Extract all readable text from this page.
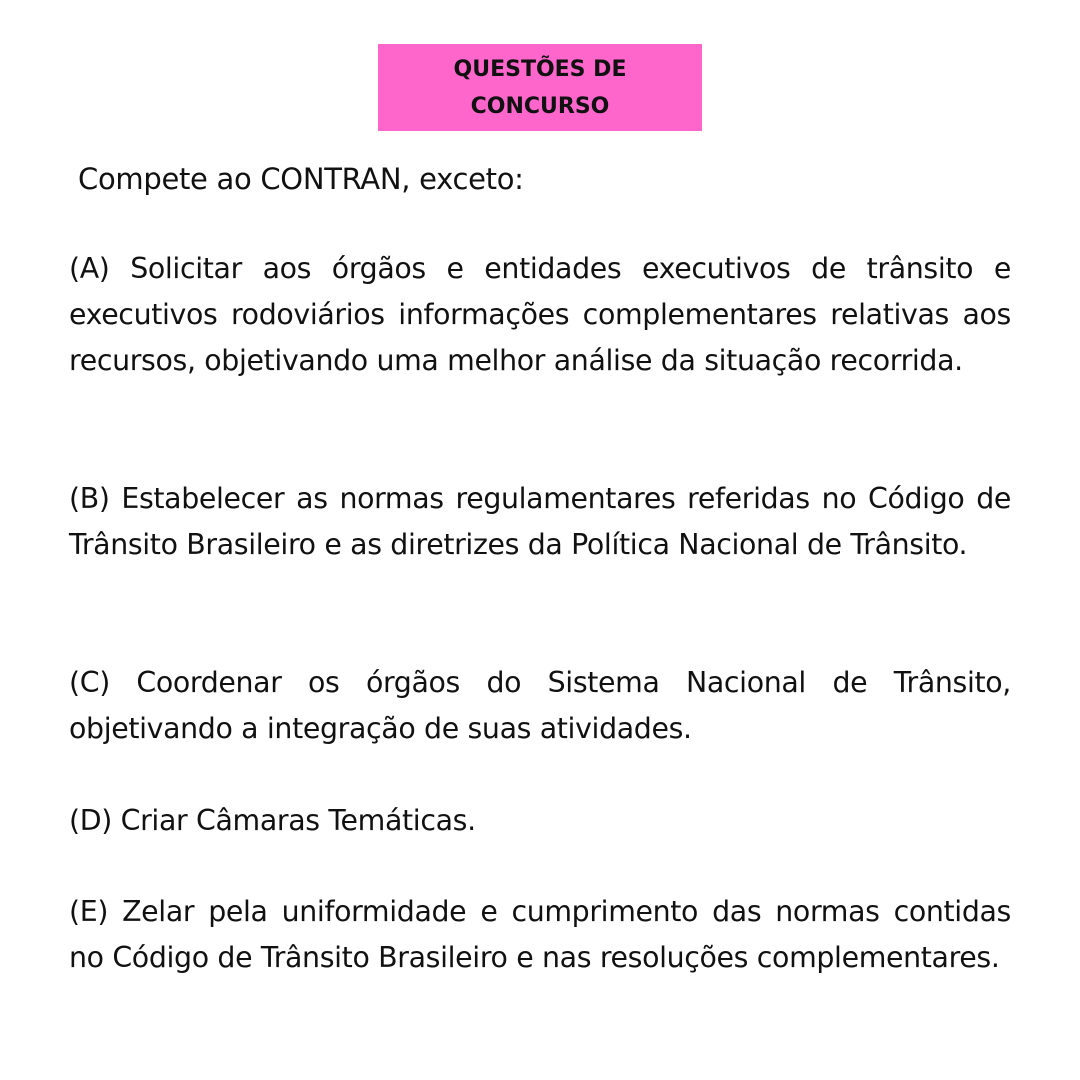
QUESTÕES DE CONCURSO

Compete ao CONTRAN, exceto:

(A) Solicitar aos órgãos e entidades executivos de trânsito e executivos rodoviários informações complementares relativas aos recursos, objetivando uma melhor análise da situação recorrida.

(B) Estabelecer as normas regulamentares referidas no Código de Trânsito Brasileiro e as diretrizes da Política Nacional de Trânsito.

(C) Coordenar os órgãos do Sistema Nacional de Trânsito, objetivando a integração de suas atividades.

(D) Criar Câmaras Temáticas.

(E) Zelar pela uniformidade e cumprimento das normas contidas no Código de Trânsito Brasileiro e nas resoluções complementares.
